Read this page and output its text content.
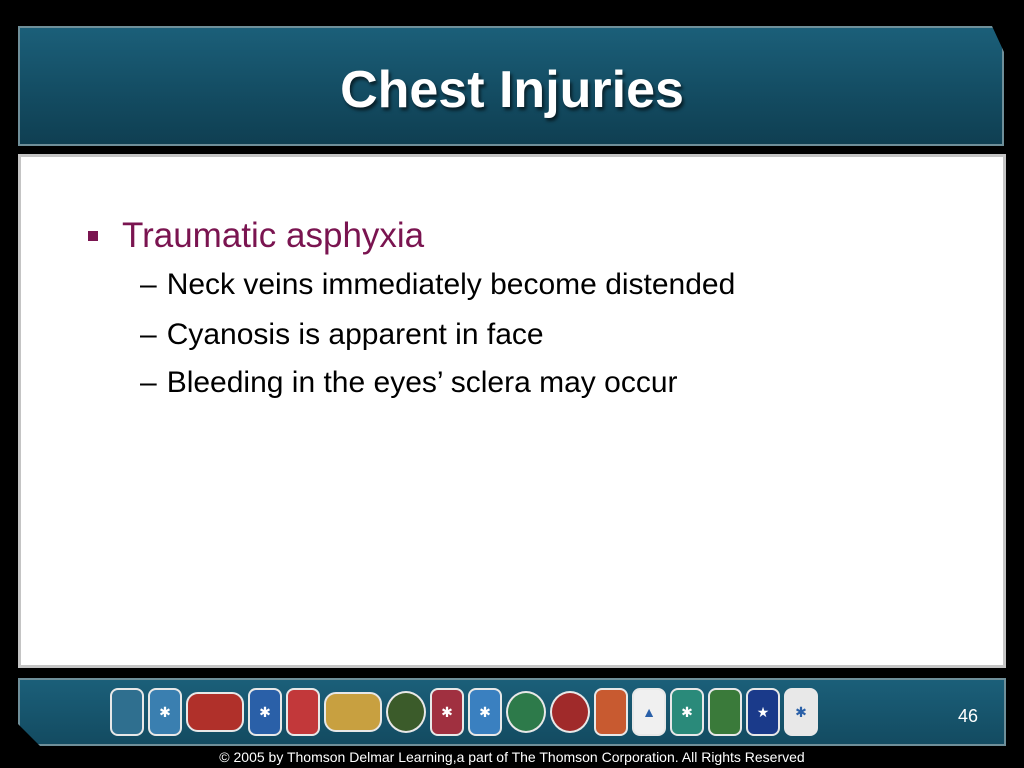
Chest Injuries
Traumatic asphyxia
– Neck veins immediately become distended
– Cyanosis is apparent in face
– Bleeding in the eyes’ sclera may occur
✱	✱	✱	✱	▲	✱	★	✱	46
© 2005 by Thomson Delmar Learning,a part of The Thomson Corporation. All Rights Reserved
